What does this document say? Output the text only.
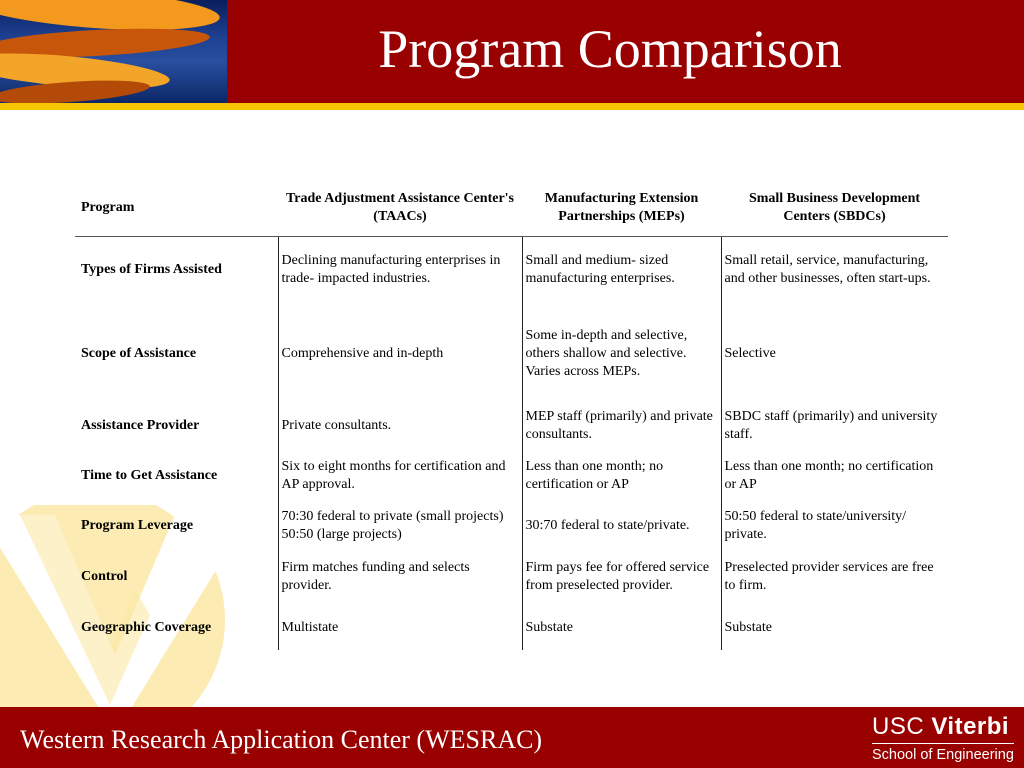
Program Comparison
Program	Trade Adjustment Assistance Center's (TAACs)	Manufacturing Extension Partnerships (MEPs)	Small Business Development Centers (SBDCs)
Types of Firms Assisted	Declining manufacturing enterprises in trade- impacted industries.	Small and medium- sized manufacturing enterprises.	Small retail, service, manufacturing, and other businesses, often start-ups.
Scope of Assistance	Comprehensive and in-depth	Some in-depth and selective, others shallow and selective. Varies across MEPs.	Selective
Assistance Provider	Private consultants.	MEP staff (primarily) and private consultants.	SBDC staff (primarily) and university staff.
Time to Get Assistance	Six to eight months for certification and AP approval.	Less than one month; no certification or AP	Less than one month; no certification or AP
Program Leverage	70:30 federal to private (small projects) 50:50 (large projects)	30:70 federal to state/private.	50:50 federal to state/university/ private.
Control	Firm matches funding and selects provider.	Firm pays fee for offered service from preselected provider.	Preselected provider services are free to firm.
Geographic Coverage	Multistate	Substate	Substate
Western Research Application Center (WESRAC)	USC Viterbi
School of Engineering
